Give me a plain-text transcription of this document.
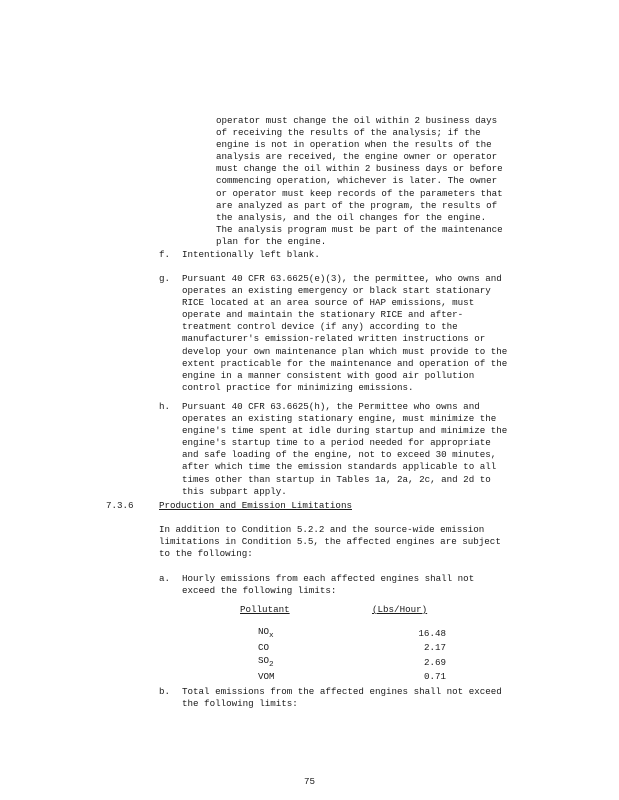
operator must change the oil within 2 business days
of receiving the results of the analysis; if the
engine is not in operation when the results of the
analysis are received, the engine owner or operator
must change the oil within 2 business days or before
commencing operation, whichever is later. The owner
or operator must keep records of the parameters that
are analyzed as part of the program, the results of
the analysis, and the oil changes for the engine.
The analysis program must be part of the maintenance
plan for the engine.
f. Intentionally left blank.
g. Pursuant 40 CFR 63.6625(e)(3), the permittee, who owns and
operates an existing emergency or black start stationary
RICE located at an area source of HAP emissions, must
operate and maintain the stationary RICE and after-
treatment control device (if any) according to the
manufacturer's emission-related written instructions or
develop your own maintenance plan which must provide to the
extent practicable for the maintenance and operation of the
engine in a manner consistent with good air pollution
control practice for minimizing emissions.
h. Pursuant 40 CFR 63.6625(h), the Permittee who owns and
operates an existing stationary engine, must minimize the
engine's time spent at idle during startup and minimize the
engine's startup time to a period needed for appropriate
and safe loading of the engine, not to exceed 30 minutes,
after which time the emission standards applicable to all
times other than startup in Tables 1a, 2a, 2c, and 2d to
this subpart apply.
7.3.6	Production and Emission Limitations
In addition to Condition 5.2.2 and the source-wide emission
limitations in Condition 5.5, the affected engines are subject
to the following:
a. Hourly emissions from each affected engines shall not
exceed the following limits:
Pollutant	(Lbs/Hour)
$NO_x$	16.48
CO	2.17
$SO_2$	2.69
VOM	0.71
b. Total emissions from the affected engines shall not exceed
the following limits:
75
